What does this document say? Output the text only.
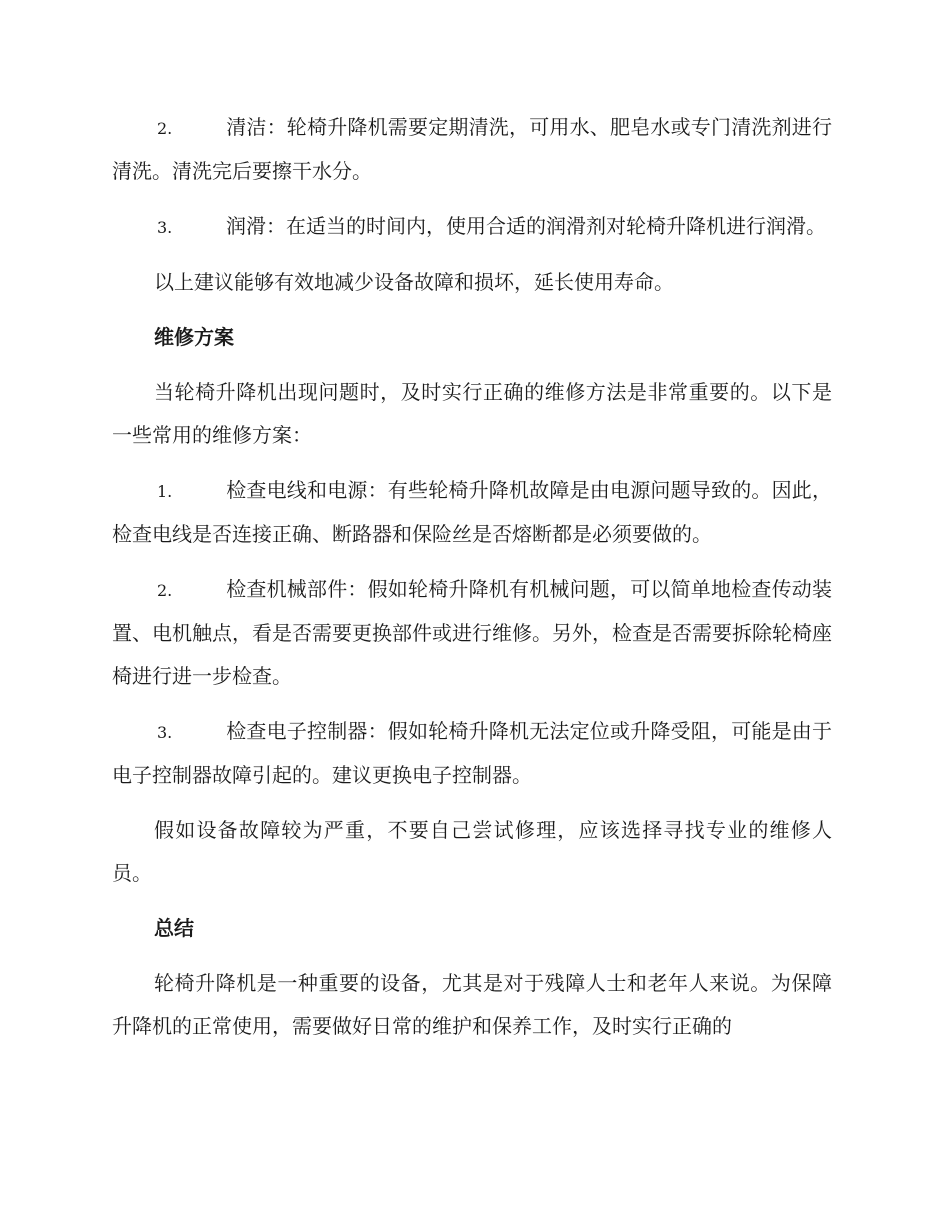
2.	清洁：轮椅升降机需要定期清洗，可用水、肥皂水或专门清洗剂进行清洗。清洗完后要擦干水分。

3.	润滑：在适当的时间内，使用合适的润滑剂对轮椅升降机进行润滑。

以上建议能够有效地减少设备故障和损坏，延长使用寿命。

维修方案

当轮椅升降机出现问题时，及时实行正确的维修方法是非常重要的。以下是一些常用的维修方案：

1.	检查电线和电源：有些轮椅升降机故障是由电源问题导致的。因此，检查电线是否连接正确、断路器和保险丝是否熔断都是必须要做的。

2.	检查机械部件：假如轮椅升降机有机械问题，可以简单地检查传动装置、电机触点，看是否需要更换部件或进行维修。另外，检查是否需要拆除轮椅座椅进行进一步检查。

3.	检查电子控制器：假如轮椅升降机无法定位或升降受阻，可能是由于电子控制器故障引起的。建议更换电子控制器。

假如设备故障较为严重，不要自己尝试修理，应该选择寻找专业的维修人员。

总结

轮椅升降机是一种重要的设备，尤其是对于残障人士和老年人来说。为保障升降机的正常使用，需要做好日常的维护和保养工作，及时实行正确的
